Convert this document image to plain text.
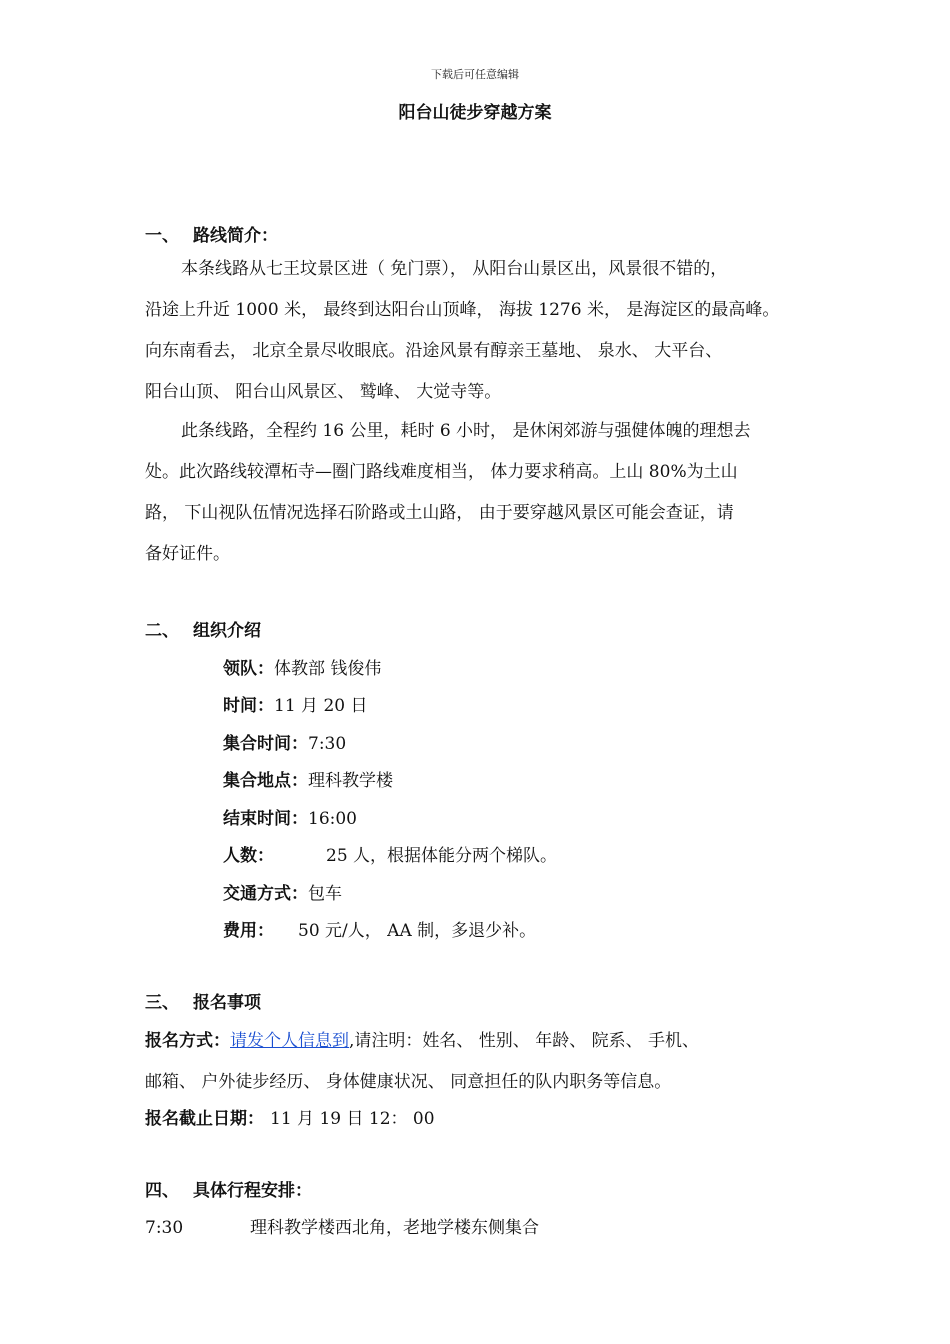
下载后可任意编辑
阳台山徒步穿越方案
一、 路线简介：
本条线路从七王坟景区进（ 免门票）， 从阳台山景区出，风景很不错的，
沿途上升近 1000 米， 最终到达阳台山顶峰， 海拔 1276 米， 是海淀区的最高峰。
向东南看去， 北京全景尽收眼底。沿途风景有醇亲王墓地、 泉水、 大平台、
阳台山顶、 阳台山风景区、 鹫峰、 大觉寺等。
此条线路，全程约 16 公里，耗时 6 小时， 是休闲郊游与强健体魄的理想去
处。此次路线较潭柘寺—圈门路线难度相当， 体力要求稍高。上山 80%为土山
路， 下山视队伍情况选择石阶路或土山路， 由于要穿越风景区可能会查证，请
备好证件。
二、 组织介绍
领队：体教部 钱俊伟
时间：11 月 20 日
集合时间：7:30
集合地点：理科教学楼
结束时间：16:00
人数：	25 人，根据体能分两个梯队。
交通方式：包车
费用： 50 元/人， AA 制，多退少补。
三、 报名事项
报名方式：请发个人信息到,请注明：姓名、 性别、 年龄、 院系、 手机、
邮箱、 户外徒步经历、 身体健康状况、 同意担任的队内职务等信息。
报名截止日期： 11 月 19 日 12： 00
四、 具体行程安排：
7:30	理科教学楼西北角，老地学楼东侧集合
